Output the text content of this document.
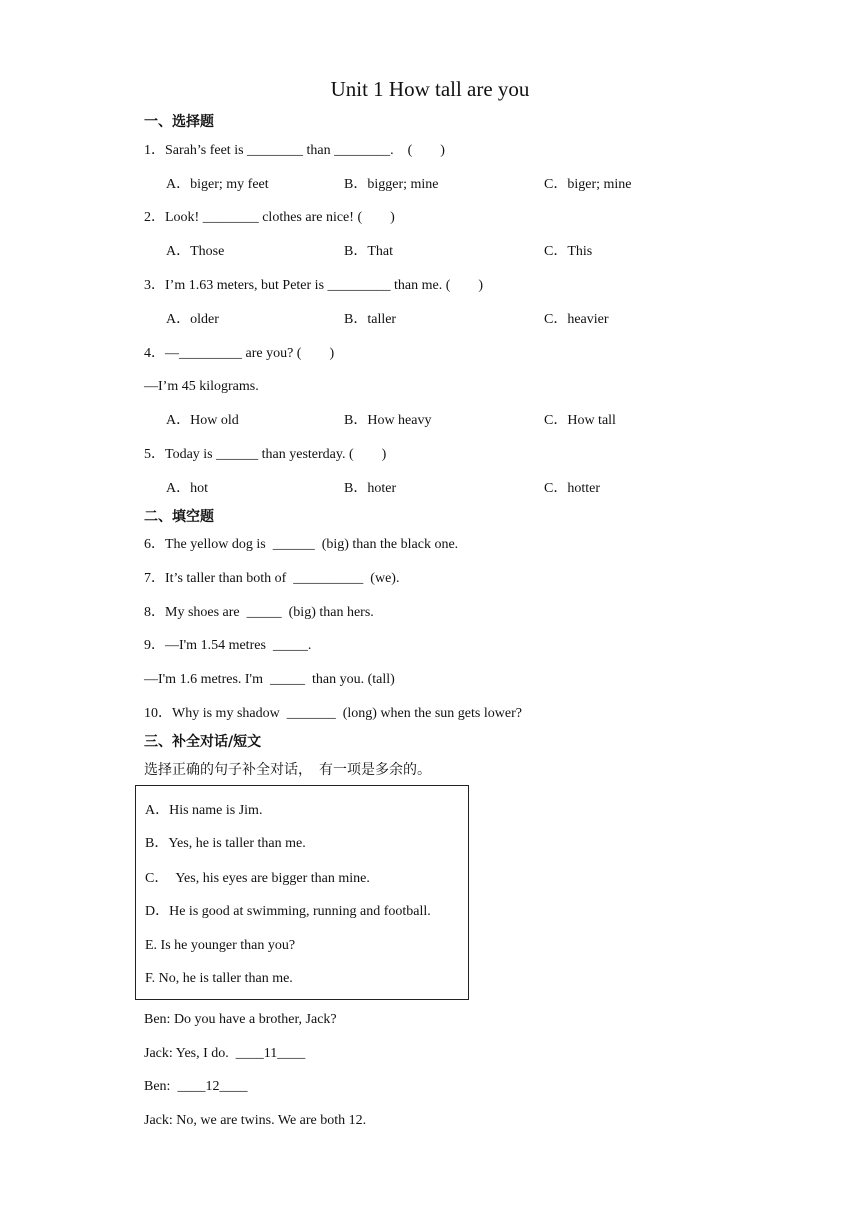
Unit 1 How tall are you
一、选择题
1．Sarah’s feet is ________ than ________.　(　　)
A．biger; my feet	B．bigger; mine	C．biger; mine
2．Look! ________ clothes are nice! (　　)
A．Those	B．That	C．This
3．I’m 1.63 meters, but Peter is _________ than me. (　　)
A．older	B．taller	C．heavier
4．—_________ are you? (　　)
—I’m 45 kilograms.
A．How old	B．How heavy	C．How tall
5．Today is ______ than yesterday. (　　)
A．hot	B．hoter	C．hotter
二、填空题
6．The yellow dog is  ______  (big) than the black one.
7．It’s taller than both of  __________  (we).
8．My shoes are  _____  (big) than hers.
9．—I'm 1.54 metres  _____.
—I'm 1.6 metres. I'm  _____  than you. (tall)
10．Why is my shadow  _______  (long) when the sun gets lower?
三、补全对话/短文
选择正确的句子补全对话，　有一项是多余的。
A．His name is Jim.
B．Yes, he is taller than me.
C．　Yes, his eyes are bigger than mine.
D．He is good at swimming, running and football.
E. Is he younger than you?
F. No, he is taller than me.
Ben: Do you have a brother, Jack?
Jack: Yes, I do.  ____11____
Ben:  ____12____
Jack: No, we are twins. We are both 12.
